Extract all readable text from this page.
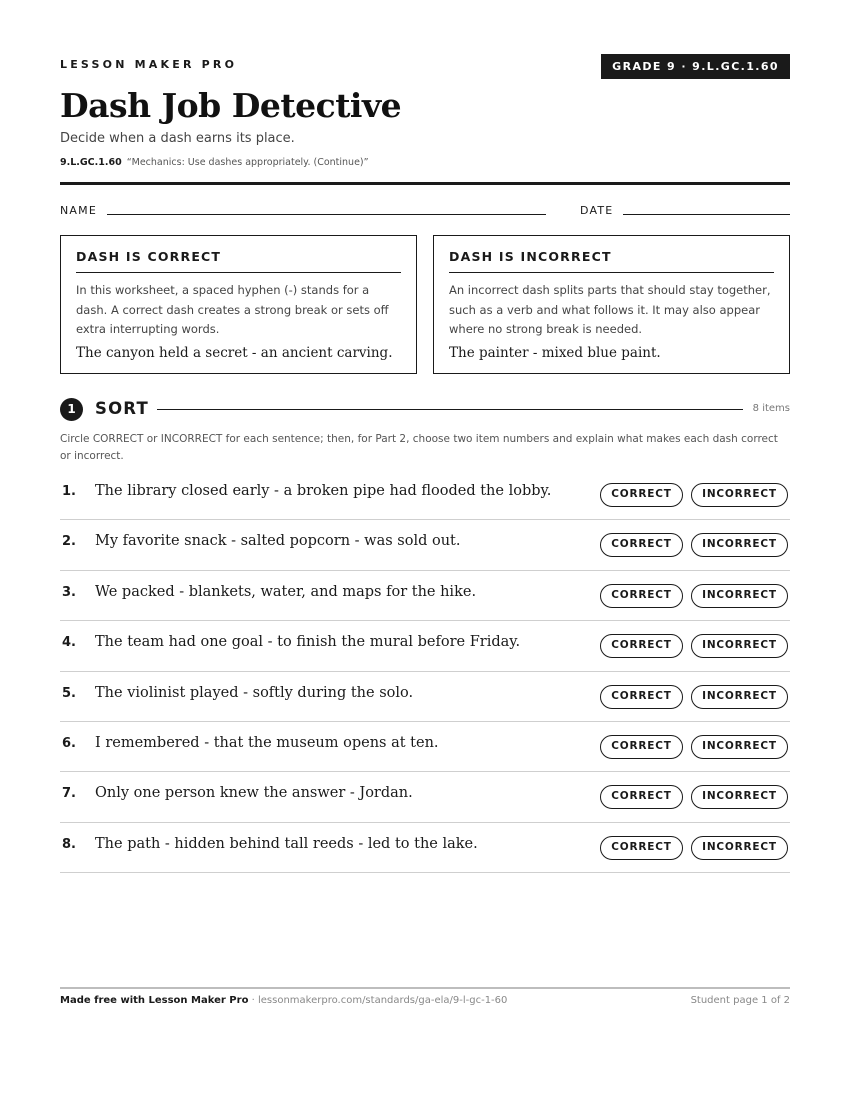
LESSON MAKER PRO	GRADE 9 · 9.L.GC.1.60
Dash Job Detective
Decide when a dash earns its place.
9.L.GC.1.60 “Mechanics: Use dashes appropriately. (Continue)”
NAME	DATE
DASH IS CORRECT
In this worksheet, a spaced hyphen (-) stands for a dash. A correct dash creates a strong break or sets off extra interrupting words.
The canyon held a secret - an ancient carving.
DASH IS INCORRECT
An incorrect dash splits parts that should stay together, such as a verb and what follows it. It may also appear where no strong break is needed.
The painter - mixed blue paint.
1	SORT	8 items
Circle CORRECT or INCORRECT for each sentence; then, for Part 2, choose two item numbers and explain what makes each dash correct or incorrect.
1. The library closed early - a broken pipe had flooded the lobby.	CORRECT	INCORRECT
2. My favorite snack - salted popcorn - was sold out.	CORRECT	INCORRECT
3. We packed - blankets, water, and maps for the hike.	CORRECT	INCORRECT
4. The team had one goal - to finish the mural before Friday.	CORRECT	INCORRECT
5. The violinist played - softly during the solo.	CORRECT	INCORRECT
6. I remembered - that the museum opens at ten.	CORRECT	INCORRECT
7. Only one person knew the answer - Jordan.	CORRECT	INCORRECT
8. The path - hidden behind tall reeds - led to the lake.	CORRECT	INCORRECT
Made free with Lesson Maker Pro · lessonmakerpro.com/standards/ga-ela/9-l-gc-1-60	Student page 1 of 2
